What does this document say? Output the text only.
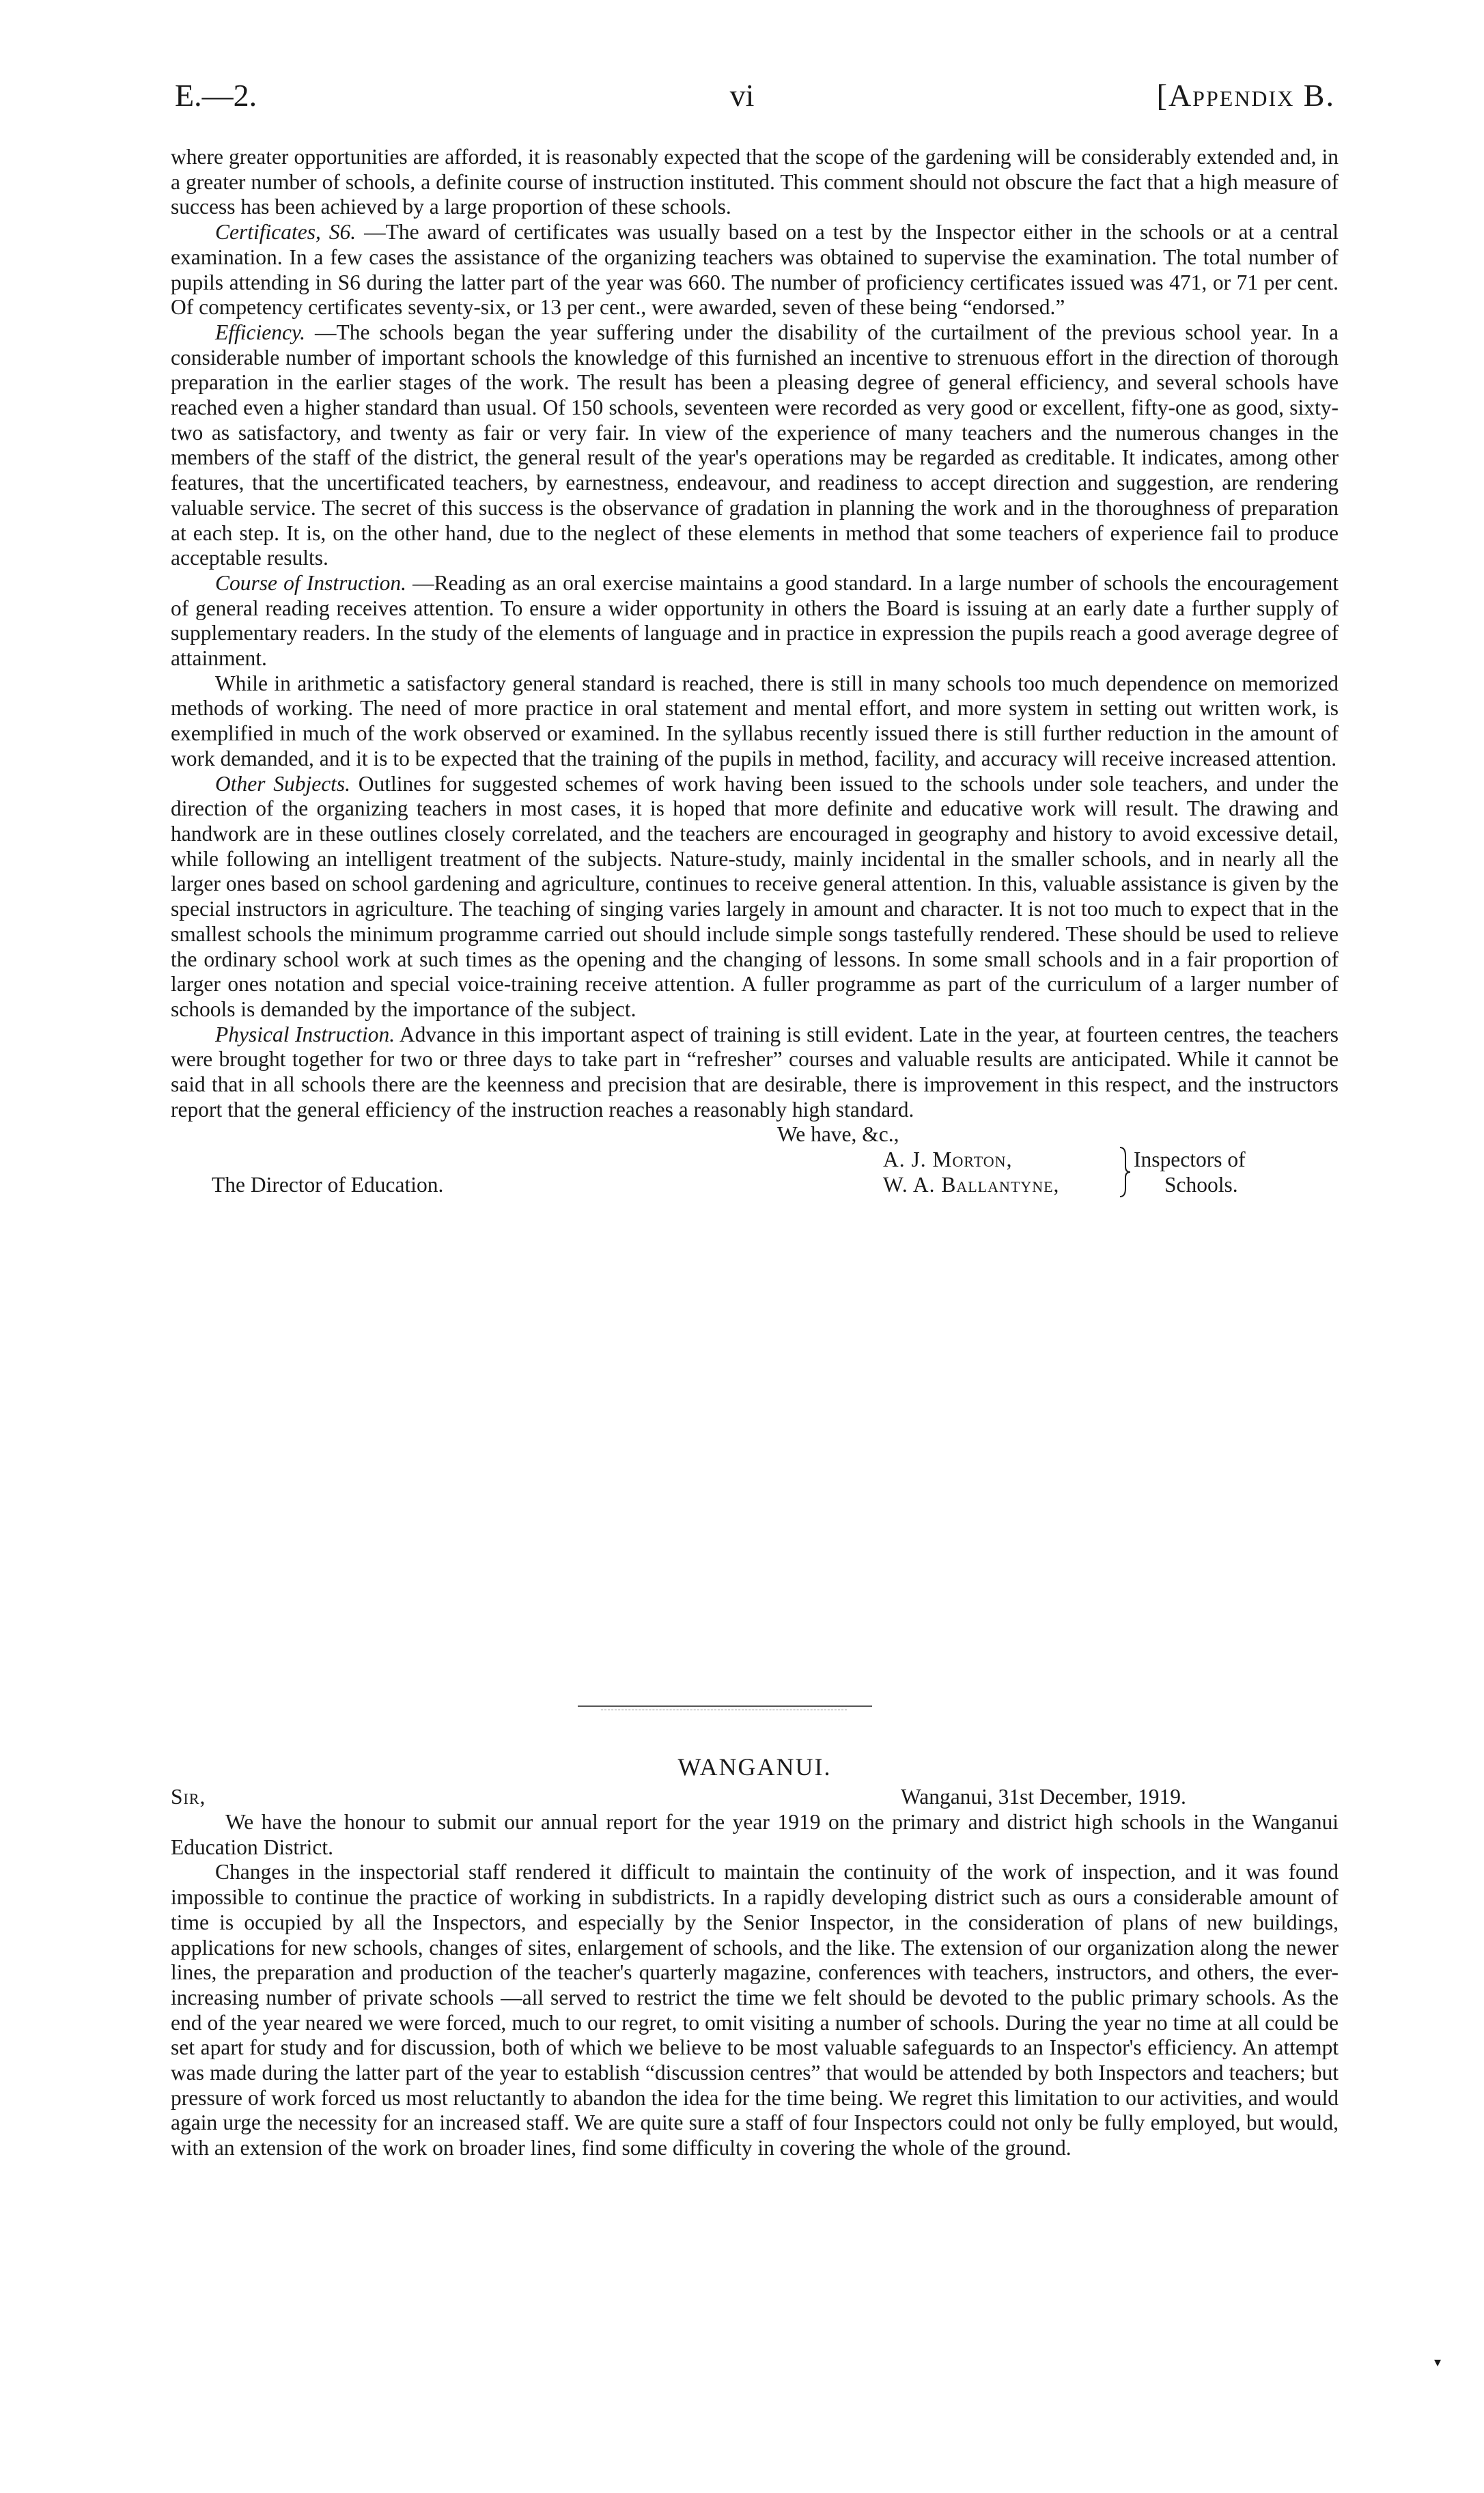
E.—2.	vi	[Appendix B.

where greater opportunities are afforded, it is reasonably expected that the scope of the gardening will be considerably extended and, in a greater number of schools, a definite course of instruction instituted. This comment should not obscure the fact that a high measure of success has been achieved by a large proportion of these schools.

Certificates, S6. —The award of certificates was usually based on a test by the Inspector either in the schools or at a central examination. In a few cases the assistance of the organizing teachers was obtained to supervise the examination. The total number of pupils attending in S6 during the latter part of the year was 660. The number of proficiency certificates issued was 471, or 71 per cent. Of competency certificates seventy-six, or 13 per cent., were awarded, seven of these being “endorsed.”

Efficiency. —The schools began the year suffering under the disability of the curtailment of the previous school year. In a considerable number of important schools the knowledge of this furnished an incentive to strenuous effort in the direction of thorough preparation in the earlier stages of the work. The result has been a pleasing degree of general efficiency, and several schools have reached even a higher standard than usual. Of 150 schools, seventeen were recorded as very good or excellent, fifty-one as good, sixty-two as satisfactory, and twenty as fair or very fair. In view of the experience of many teachers and the numerous changes in the members of the staff of the district, the general result of the year's operations may be regarded as creditable. It indicates, among other features, that the uncertificated teachers, by earnestness, endeavour, and readiness to accept direction and suggestion, are rendering valuable service. The secret of this success is the observance of gradation in planning the work and in the thoroughness of preparation at each step. It is, on the other hand, due to the neglect of these elements in method that some teachers of experience fail to produce acceptable results.

Course of Instruction. —Reading as an oral exercise maintains a good standard. In a large number of schools the encouragement of general reading receives attention. To ensure a wider opportunity in others the Board is issuing at an early date a further supply of supplementary readers. In the study of the elements of language and in practice in expression the pupils reach a good average degree of attainment.

While in arithmetic a satisfactory general standard is reached, there is still in many schools too much dependence on memorized methods of working. The need of more practice in oral statement and mental effort, and more system in setting out written work, is exemplified in much of the work observed or examined. In the syllabus recently issued there is still further reduction in the amount of work demanded, and it is to be expected that the training of the pupils in method, facility, and accuracy will receive increased attention.

Other Subjects. Outlines for suggested schemes of work having been issued to the schools under sole teachers, and under the direction of the organizing teachers in most cases, it is hoped that more definite and educative work will result. The drawing and handwork are in these outlines closely correlated, and the teachers are encouraged in geography and history to avoid excessive detail, while following an intelligent treatment of the subjects. Nature-study, mainly incidental in the smaller schools, and in nearly all the larger ones based on school gardening and agriculture, continues to receive general attention. In this, valuable assistance is given by the special instructors in agriculture. The teaching of singing varies largely in amount and character. It is not too much to expect that in the smallest schools the minimum programme carried out should include simple songs tastefully rendered. These should be used to relieve the ordinary school work at such times as the opening and the changing of lessons. In some small schools and in a fair proportion of larger ones notation and special voice-training receive attention. A fuller programme as part of the curriculum of a larger number of schools is demanded by the importance of the subject.

Physical Instruction. Advance in this important aspect of training is still evident. Late in the year, at fourteen centres, the teachers were brought together for two or three days to take part in “refresher” courses and valuable results are anticipated. While it cannot be said that in all schools there are the keenness and precision that are desirable, there is improvement in this respect, and the instructors report that the general efficiency of the instruction reaches a reasonably high standard.

We have, &c.,
A. J. Morton,	Inspectors of
The Director of Education.	W. A. Ballantyne,	Schools.

WANGANUI.

Sir,	Wanganui, 31st December, 1919.

We have the honour to submit our annual report for the year 1919 on the primary and district high schools in the Wanganui Education District.

Changes in the inspectorial staff rendered it difficult to maintain the continuity of the work of inspection, and it was found impossible to continue the practice of working in subdistricts. In a rapidly developing district such as ours a considerable amount of time is occupied by all the Inspectors, and especially by the Senior Inspector, in the consideration of plans of new buildings, applications for new schools, changes of sites, enlargement of schools, and the like. The extension of our organization along the newer lines, the preparation and production of the teacher's quarterly magazine, conferences with teachers, instructors, and others, the ever-increasing number of private schools —all served to restrict the time we felt should be devoted to the public primary schools. As the end of the year neared we were forced, much to our regret, to omit visiting a number of schools. During the year no time at all could be set apart for study and for discussion, both of which we believe to be most valuable safeguards to an Inspector's efficiency. An attempt was made during the latter part of the year to establish “discussion centres” that would be attended by both Inspectors and teachers; but pressure of work forced us most reluctantly to abandon the idea for the time being. We regret this limitation to our activities, and would again urge the necessity for an increased staff. We are quite sure a staff of four Inspectors could not only be fully employed, but would, with an extension of the work on broader lines, find some difficulty in covering the whole of the ground.

▾
